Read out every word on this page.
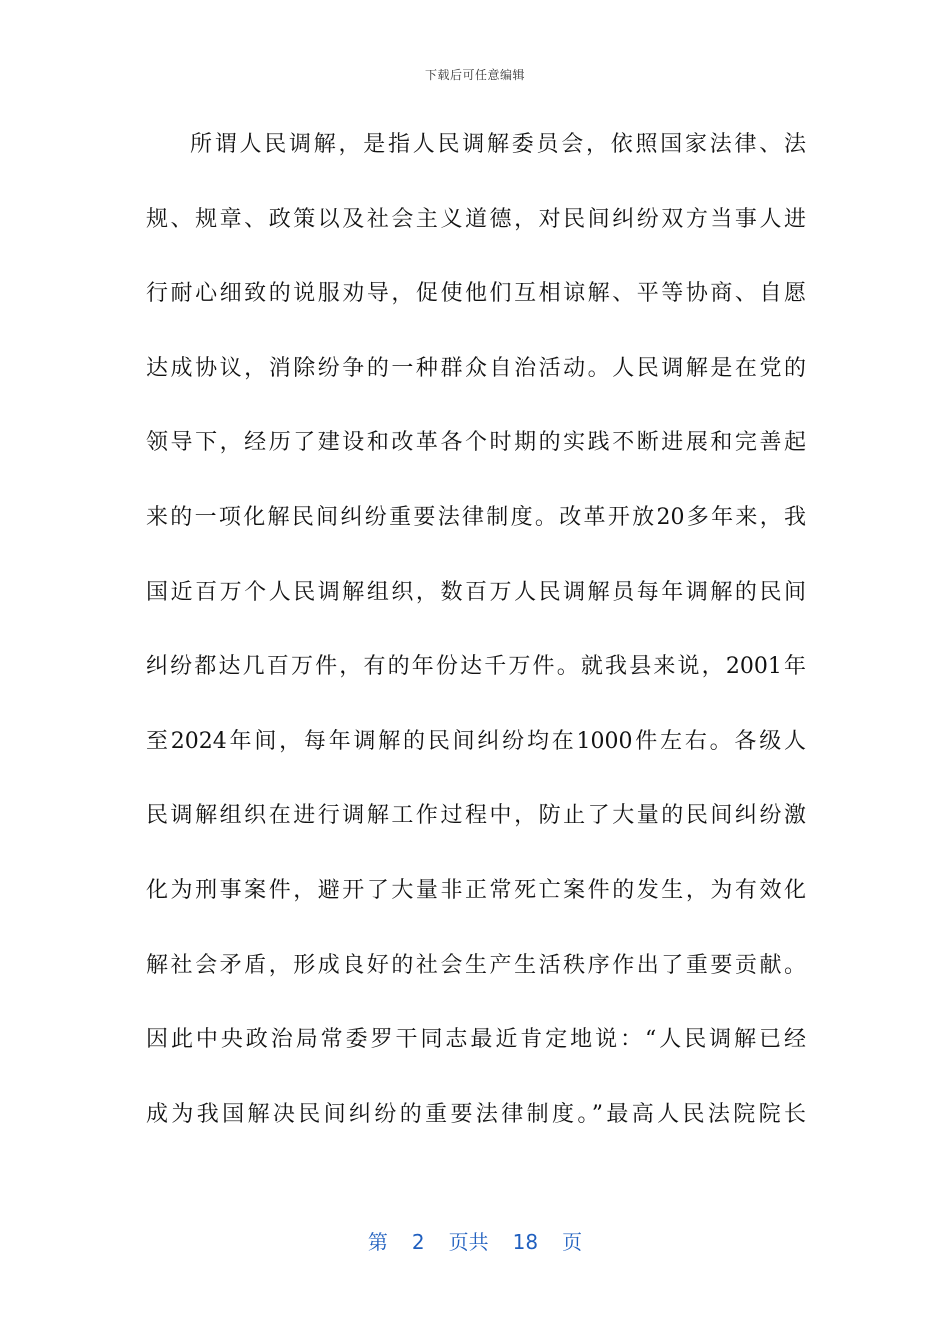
下载后可任意编辑
所谓人民调解，是指人民调解委员会，依照国家法律、法
规、规章、政策以及社会主义道德，对民间纠纷双方当事人进
行耐心细致的说服劝导，促使他们互相谅解、平等协商、自愿
达成协议，消除纷争的一种群众自治活动。人民调解是在党的
领导下，经历了建设和改革各个时期的实践不断进展和完善起
来的一项化解民间纠纷重要法律制度。改革开放20多年来，我
国近百万个人民调解组织，数百万人民调解员每年调解的民间
纠纷都达几百万件，有的年份达千万件。就我县来说，2001年
至2024年间，每年调解的民间纠纷均在1000件左右。各级人
民调解组织在进行调解工作过程中，防止了大量的民间纠纷激
化为刑事案件，避开了大量非正常死亡案件的发生，为有效化
解社会矛盾，形成良好的社会生产生活秩序作出了重要贡献。
因此中央政治局常委罗干同志最近肯定地说：“人民调解已经
成为我国解决民间纠纷的重要法律制度。”最高人民法院院长
第 2 页共 18 页
